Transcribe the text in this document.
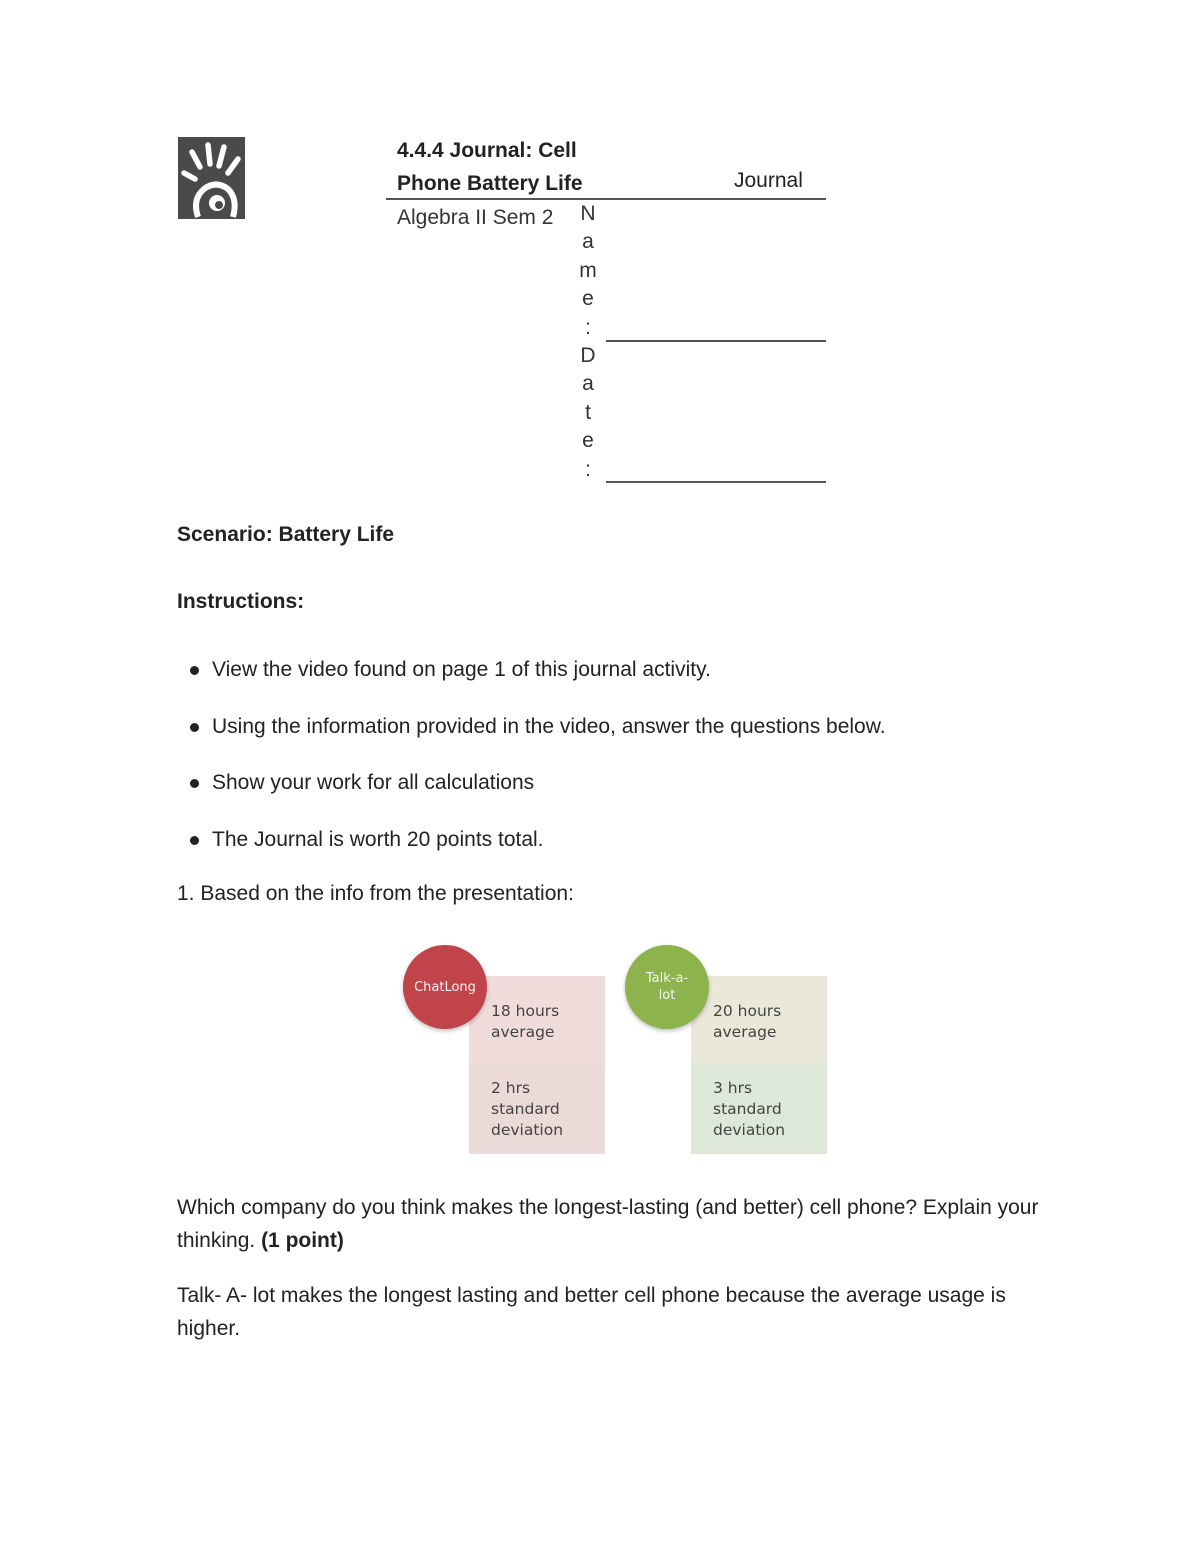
4.4.4 Journal: Cell Phone Battery Life	Journal
Algebra II Sem 2	N
a
m
e
:
D
a
t
e
:
Scenario: Battery Life
Instructions:
View the video found on page 1 of this journal activity.
Using the information provided in the video, answer the questions below.
Show your work for all calculations
The Journal is worth 20 points total.
1. Based on the info from the presentation:
18 hours average
2 hrs standard deviation
ChatLong
20 hours average
3 hrs standard deviation
Talk-a-
lot
Which company do you think makes the longest-lasting (and better) cell phone? Explain your thinking. (1 point)
Talk- A- lot makes the longest lasting and better cell phone because the average usage is higher.
